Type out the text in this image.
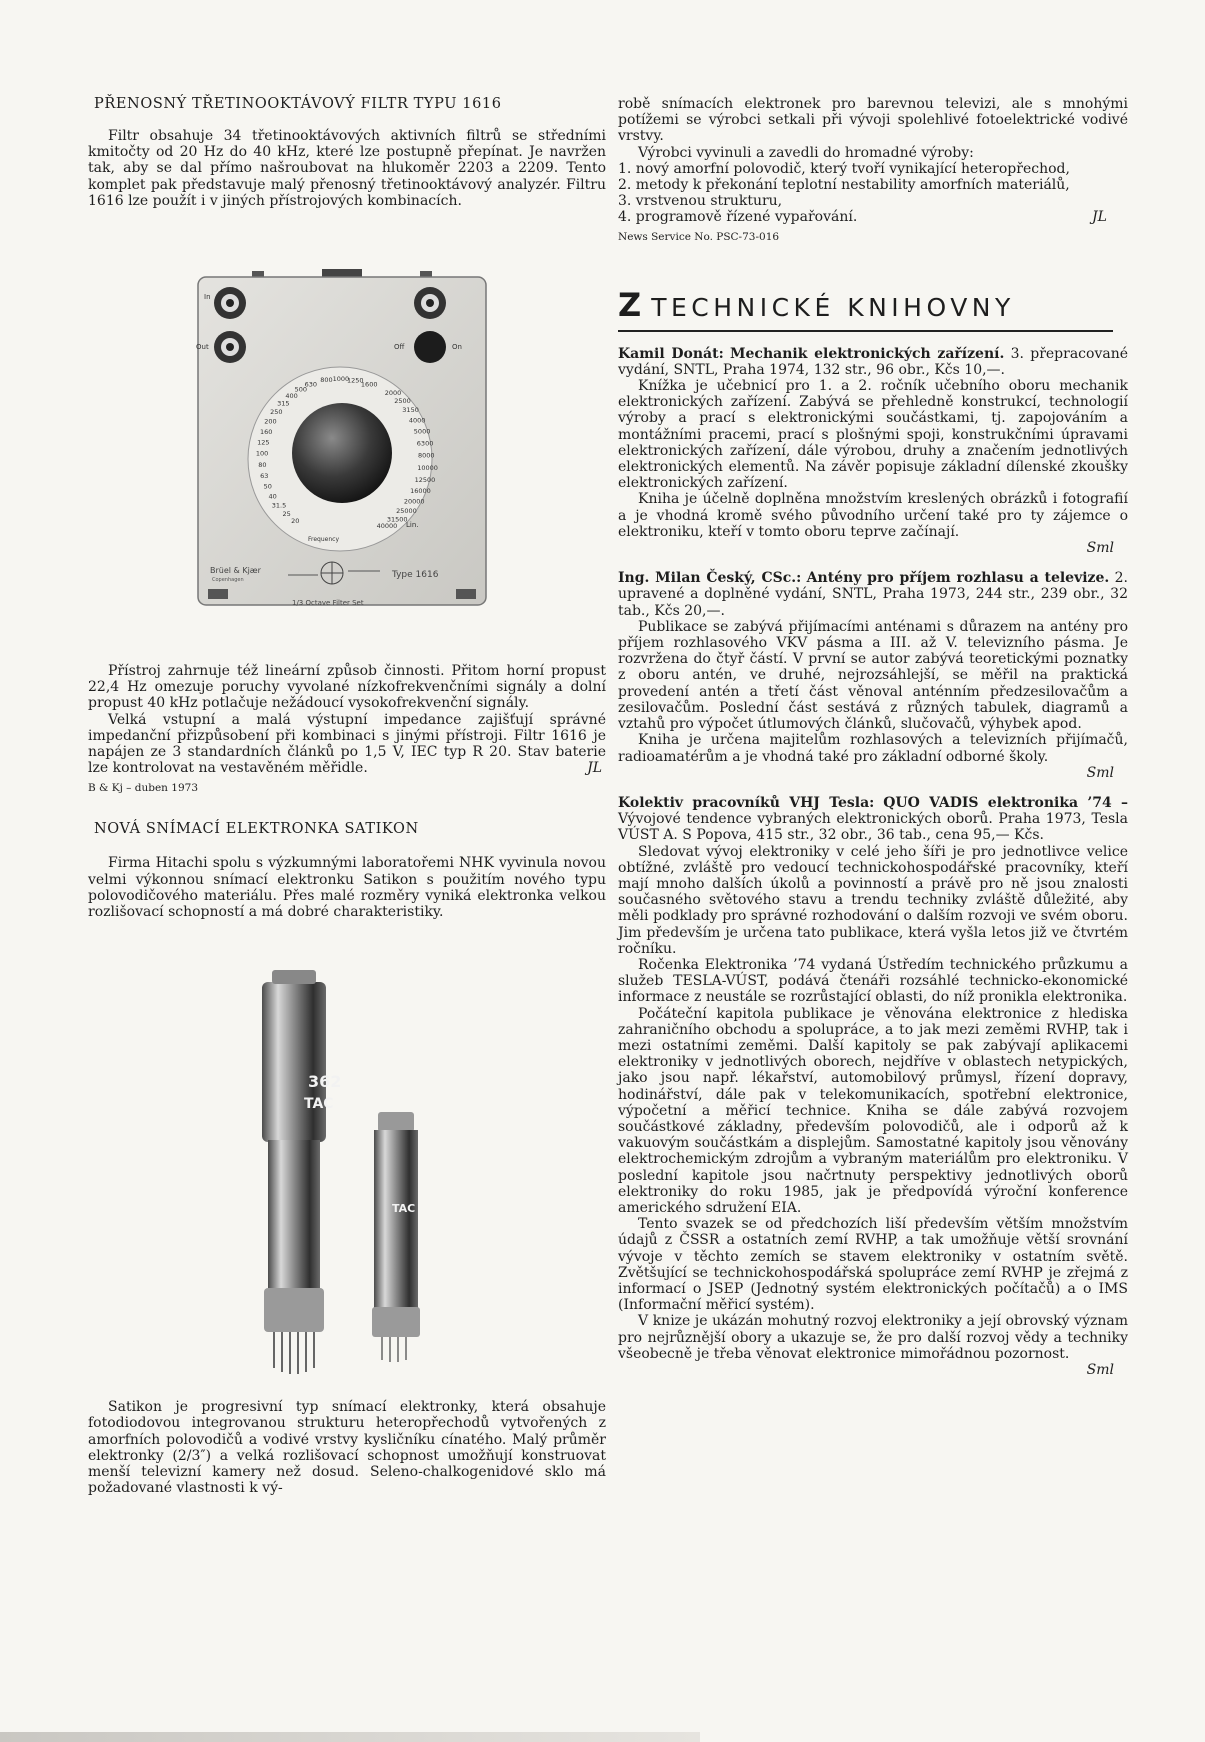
PŘENOSNÝ TŘETINOOKTÁVOVÝ FILTR TYPU 1616

Filtr obsahuje 34 třetinooktávových aktivních filtrů se středními kmitočty od 20 Hz do 40 kHz, které lze postupně přepínat. Je navržen tak, aby se dal přímo našroubovat na hlukoměr 2203 a 2209. Tento komplet pak představuje malý přenosný třetinooktávový analyzér. Filtru 1616 lze použít i v jiných přístrojových kombinacích.

In
Out	Off	On
630
500
400
315
250
200
160
125
100
80
63
50
40
31.5
25
20
800 1000
1250
1600
2000
2500
3150
4000
5000
6300
8000
10000
12500
16000
20000
25000
31500
40000 Lin.
Frequency
Brüel & Kjær
Copenhagen	Type 1616
1/3 Octave Filter Set

Přístroj zahrnuje též lineární způsob činnosti. Přitom horní propust 22,4 Hz omezuje poruchy vyvolané nízkofrekvenčními signály a dolní propust 40 kHz potlačuje nežádoucí vysokofrekvenční signály.

Velká vstupní a malá výstupní impedance zajišťují správné impedanční přizpůsobení při kombinaci s jinými přístroji. Filtr 1616 je napájen ze 3 standardních článků po 1,5 V, IEC typ R 20. Stav baterie lze kontrolovat na vestavěném měřidle.

B & Kj – duben 1973
JL
NOVÁ SNÍMACÍ ELEKTRONKA SATIKON

Firma Hitachi spolu s výzkumnými laboratořemi NHK vyvinula novou velmi výkonnou snímací elektronku Satikon s použitím nového typu polovodičového materiálu. Přes malé rozměry vyniká elektronka velkou rozlišovací schopností a má dobré charakteristiky.

362
TAC
TAC

Satikon je progresivní typ snímací elektronky, která obsahuje fotodiodovou integrovanou strukturu heteropřechodů vytvořených z amorfních polovodičů a vodivé vrstvy kysličníku cínatého. Malý průměr elektronky (2/3″) a velká rozlišovací schopnost umožňují konstruovat menší televizní kamery než dosud. Seleno-chalkogenidové sklo má požadované vlastnosti k vý-

robě snímacích elektronek pro barevnou televizi, ale s mnohými potížemi se výrobci setkali při vývoji spolehlivé fotoelektrické vodivé vrstvy.

Výrobci vyvinuli a zavedli do hromadné výroby:

1. nový amorfní polovodič, který tvoří vynikající heteropřechod,
2. metody k překonání teplotní nestability amorfních materiálů,
3. vrstvenou strukturu,
4. programově řízené vypařování.	JL
News Service No. PSC-73-016
Z TECHNICKÉ KNIHOVNY

Kamil Donát: Mechanik elektronických zařízení. 3. přepracované vydání, SNTL, Praha 1974, 132 str., 96 obr., Kčs 10,—.

Knížka je učebnicí pro 1. a 2. ročník učebního oboru mechanik elektronických zařízení. Zabývá se přehledně konstrukcí, technologií výroby a prací s elektronickými součástkami, tj. zapojováním a montážními pracemi, prací s plošnými spoji, konstrukčními úpravami elektronických zařízení, dále výrobou, druhy a značením jednotlivých elektronických elementů. Na závěr popisuje základní dílenské zkoušky elektronických zařízení.

Kniha je účelně doplněna množstvím kreslených obrázků i fotografií a je vhodná kromě svého původního určení také pro ty zájemce o elektroniku, kteří v tomto oboru teprve začínají.

Sml

Ing. Milan Český, CSc.: Antény pro příjem rozhlasu a televize. 2. upravené a doplněné vydání, SNTL, Praha 1973, 244 str., 239 obr., 32 tab., Kčs 20,—.

Publikace se zabývá přijímacími anténami s důrazem na antény pro příjem rozhlasového VKV pásma a III. až V. televizního pásma. Je rozvržena do čtyř částí. V první se autor zabývá teoretickými poznatky z oboru antén, ve druhé, nejrozsáhlejší, se měřil na praktická provedení antén a třetí část věnoval anténním předzesilovačům a zesilovačům. Poslední část sestává z různých tabulek, diagramů a vztahů pro výpočet útlumových článků, slučovačů, výhybek apod.

Kniha je určena majitelům rozhlasových a televizních přijímačů, radioamatérům a je vhodná také pro základní odborné školy.

Sml

Kolektiv pracovníků VHJ Tesla: QUO VADIS elektronika ’74 – Vývojové tendence vybraných elektronických oborů. Praha 1973, Tesla VÚST A. S Popova, 415 str., 32 obr., 36 tab., cena 95,— Kčs.

Sledovat vývoj elektroniky v celé jeho šíři je pro jednotlivce velice obtížné, zvláště pro vedoucí technickohospodářské pracovníky, kteří mají mnoho dalších úkolů a povinností a právě pro ně jsou znalosti současného světového stavu a trendu techniky zvláště důležité, aby měli podklady pro správné rozhodování o dalším rozvoji ve svém oboru. Jim především je určena tato publikace, která vyšla letos již ve čtvrtém ročníku.

Ročenka Elektronika ’74 vydaná Ústředím technického průzkumu a služeb TESLA-VÚST, podává čtenáři rozsáhlé technicko-ekonomické informace z neustále se rozrůstající oblasti, do níž pronikla elektronika.

Počáteční kapitola publikace je věnována elektronice z hlediska zahraničního obchodu a spolupráce, a to jak mezi zeměmi RVHP, tak i mezi ostatními zeměmi. Další kapitoly se pak zabývají aplikacemi elektroniky v jednotlivých oborech, nejdříve v oblastech netypických, jako jsou např. lékařství, automobilový průmysl, řízení dopravy, hodinářství, dále pak v telekomunikacích, spotřební elektronice, výpočetní a měřicí technice. Kniha se dále zabývá rozvojem součástkové základny, především polovodičů, ale i odporů až k vakuovým součástkám a displejům. Samostatné kapitoly jsou věnovány elektrochemickým zdrojům a vybraným materiálům pro elektroniku. V poslední kapitole jsou načrtnuty perspektivy jednotlivých oborů elektroniky do roku 1985, jak je předpovídá výroční konference amerického sdružení EIA.

Tento svazek se od předchozích liší především větším množstvím údajů z ČSSR a ostatních zemí RVHP, a tak umožňuje větší srovnání vývoje v těchto zemích se stavem elektroniky v ostatním světě. Zvětšující se technickohospodářská spolupráce zemí RVHP je zřejmá z informací o JSEP (Jednotný systém elektronických počítačů) a o IMS (Informační měřicí systém).

V knize je ukázán mohutný rozvoj elektroniky a její obrovský význam pro nejrůznější obory a ukazuje se, že pro další rozvoj vědy a techniky všeobecně je třeba věnovat elektronice mimořádnou pozornost.

Sml
